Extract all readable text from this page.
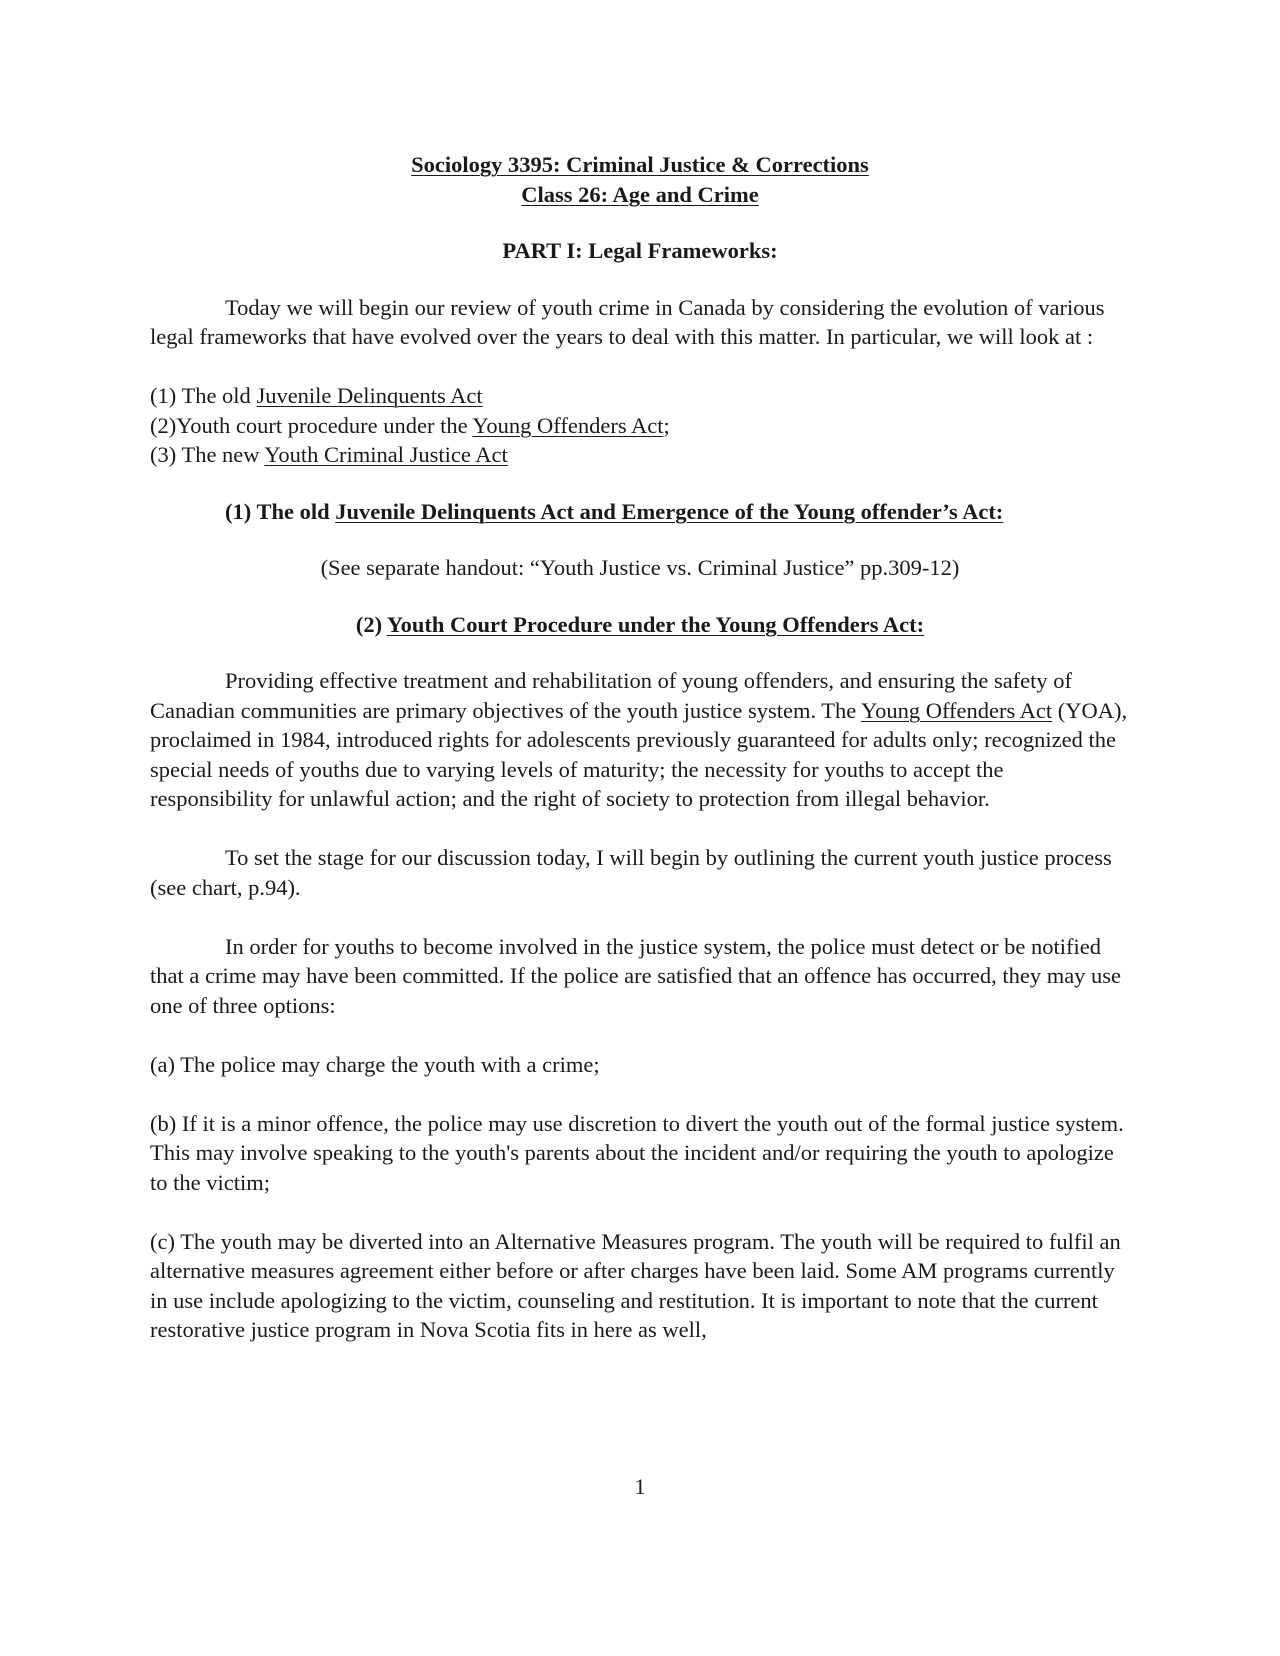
Sociology 3395: Criminal Justice & Corrections

Class 26: Age and Crime

PART I: Legal Frameworks:

Today we will begin our review of youth crime in Canada by considering the evolution of various legal frameworks that have evolved over the years to deal with this matter. In particular, we will look at :

(1) The old Juvenile Delinquents Act
(2)Youth court procedure under the Young Offenders Act;
(3) The new Youth Criminal Justice Act

(1) The old Juvenile Delinquents Act and Emergence of the Young offender’s Act:

(See separate handout: “Youth Justice vs. Criminal Justice” pp.309-12)

(2) Youth Court Procedure under the Young Offenders Act:

Providing effective treatment and rehabilitation of young offenders, and ensuring the safety of Canadian communities are primary objectives of the youth justice system. The Young Offenders Act (YOA), proclaimed in 1984, introduced rights for adolescents previously guaranteed for adults only; recognized the special needs of youths due to varying levels of maturity; the necessity for youths to accept the responsibility for unlawful action; and the right of society to protection from illegal behavior.

To set the stage for our discussion today, I will begin by outlining the current youth justice process (see chart, p.94).

In order for youths to become involved in the justice system, the police must detect or be notified that a crime may have been committed. If the police are satisfied that an offence has occurred, they may use one of three options:

(a) The police may charge the youth with a crime;

(b) If it is a minor offence, the police may use discretion to divert the youth out of the formal justice system. This may involve speaking to the youth's parents about the incident and/or requiring the youth to apologize to the victim;

(c) The youth may be diverted into an Alternative Measures program. The youth will be required to fulfil an alternative measures agreement either before or after charges have been laid. Some AM programs currently in use include apologizing to the victim, counseling and restitution. It is important to note that the current restorative justice program in Nova Scotia fits in here as well,

1
